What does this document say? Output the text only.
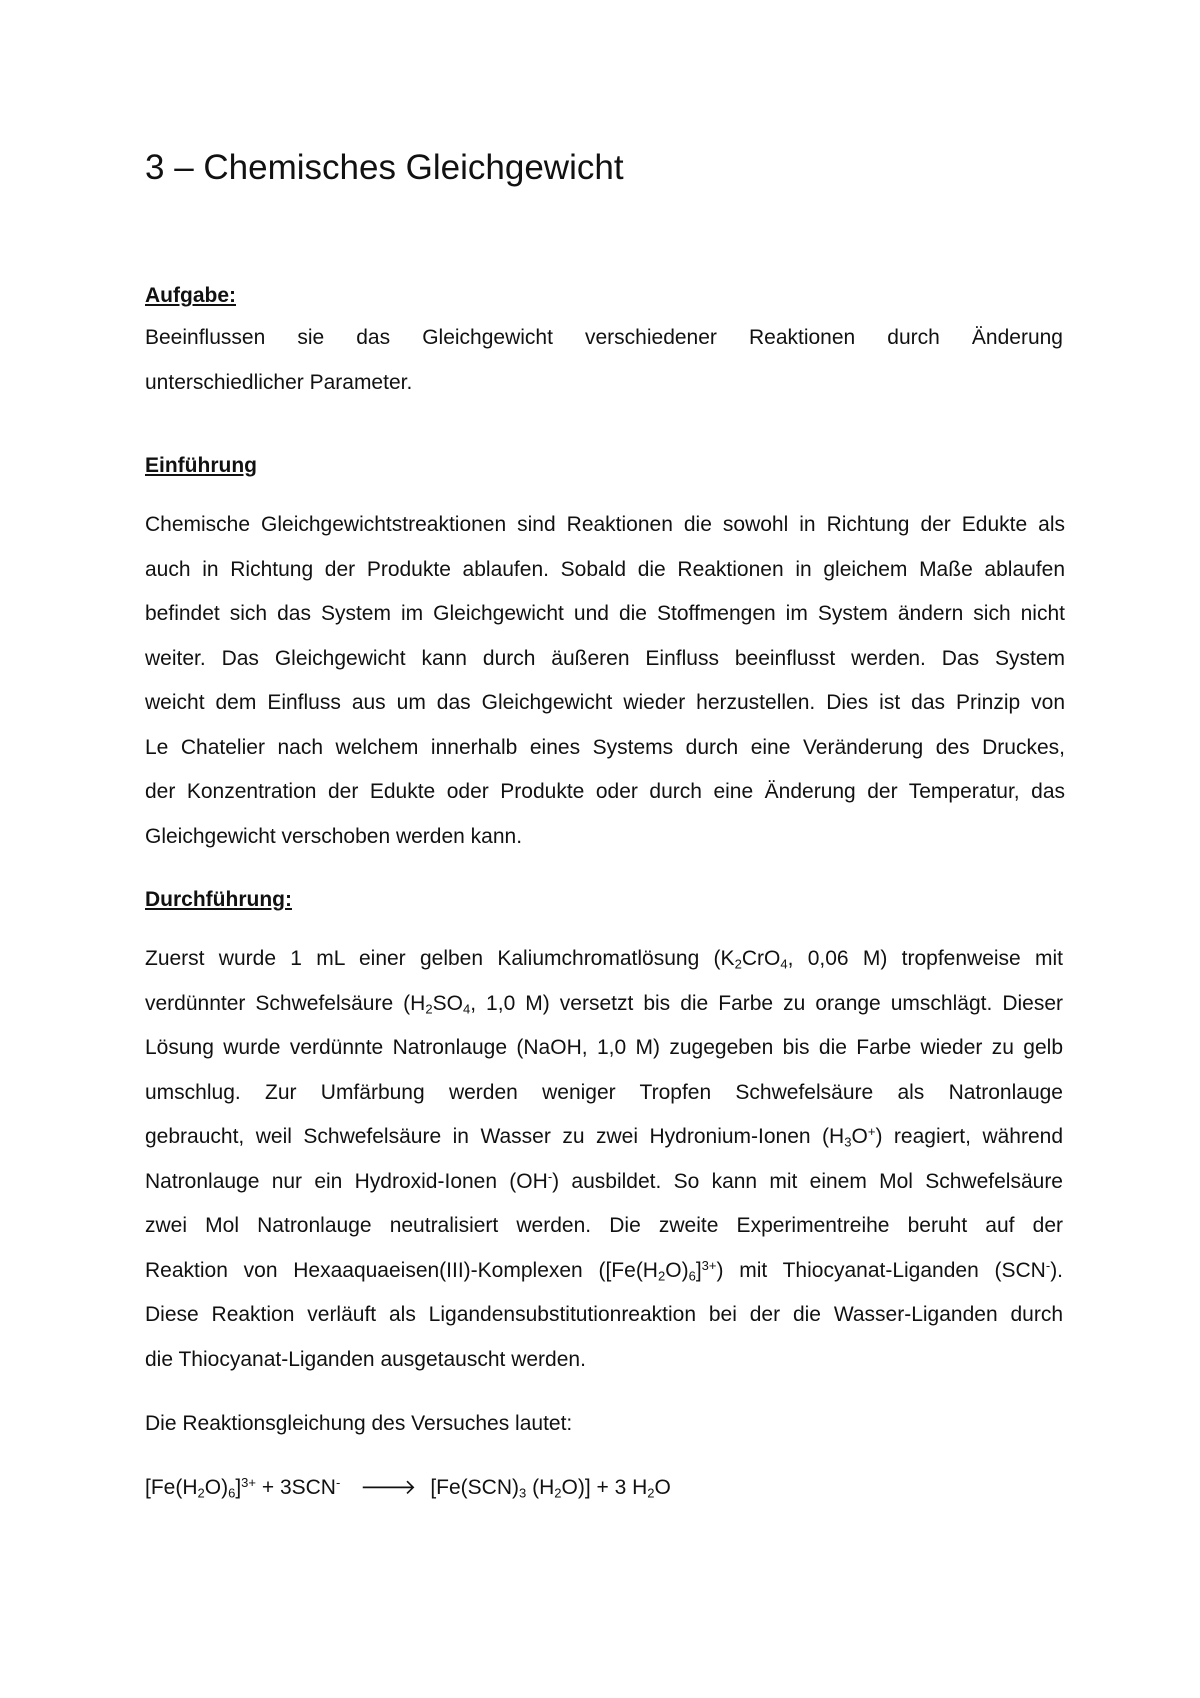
3 – Chemisches Gleichgewicht
Aufgabe:

Beeinflussen sie das Gleichgewicht verschiedener Reaktionen durch Änderung
unterschiedlicher Parameter.

Einführung

Chemische Gleichgewichtstreaktionen sind Reaktionen die sowohl in Richtung der Edukte als
auch in Richtung der Produkte ablaufen. Sobald die Reaktionen in gleichem Maße ablaufen
befindet sich das System im Gleichgewicht und die Stoffmengen im System ändern sich nicht
weiter. Das Gleichgewicht kann durch äußeren Einfluss beeinflusst werden. Das System
weicht dem Einfluss aus um das Gleichgewicht wieder herzustellen. Dies ist das Prinzip von
Le Chatelier nach welchem innerhalb eines Systems durch eine Veränderung des Druckes,
der Konzentration der Edukte oder Produkte oder durch eine Änderung der Temperatur, das
Gleichgewicht verschoben werden kann.

Durchführung:

Zuerst wurde 1 mL einer gelben Kaliumchromatlösung ($K_2CrO_4$, 0,06 M) tropfenweise mit
verdünnter Schwefelsäure ($H_2SO_4$, 1,0 M) versetzt bis die Farbe zu orange umschlägt. Dieser
Lösung wurde verdünnte Natronlauge (NaOH, 1,0 M) zugegeben bis die Farbe wieder zu gelb
umschlug. Zur Umfärbung werden weniger Tropfen Schwefelsäure als Natronlauge
gebraucht, weil Schwefelsäure in Wasser zu zwei Hydronium-Ionen $(H_3O^+)$ reagiert, während
Natronlauge nur ein Hydroxid-Ionen (OH-) ausbildet. So kann mit einem Mol Schwefelsäure
zwei Mol Natronlauge neutralisiert werden. Die zweite Experimentreihe beruht auf der
Reaktion von Hexaaquaeisen(III)-Komplexen $([Fe(H_2O)_6]^{3+})$ mit Thiocyanat-Liganden (SCN-).
Diese Reaktion verläuft als Ligandensubstitutionreaktion bei der die Wasser-Liganden durch
die Thiocyanat-Liganden ausgetauscht werden.

Die Reaktionsgleichung des Versuches lautet:

$[Fe(H_2O)_6]^{3+} + 3SCN^-$ 🡒 [$Fe(SCN)_3$ $(H_2O)] + 3$ $H_2O$
